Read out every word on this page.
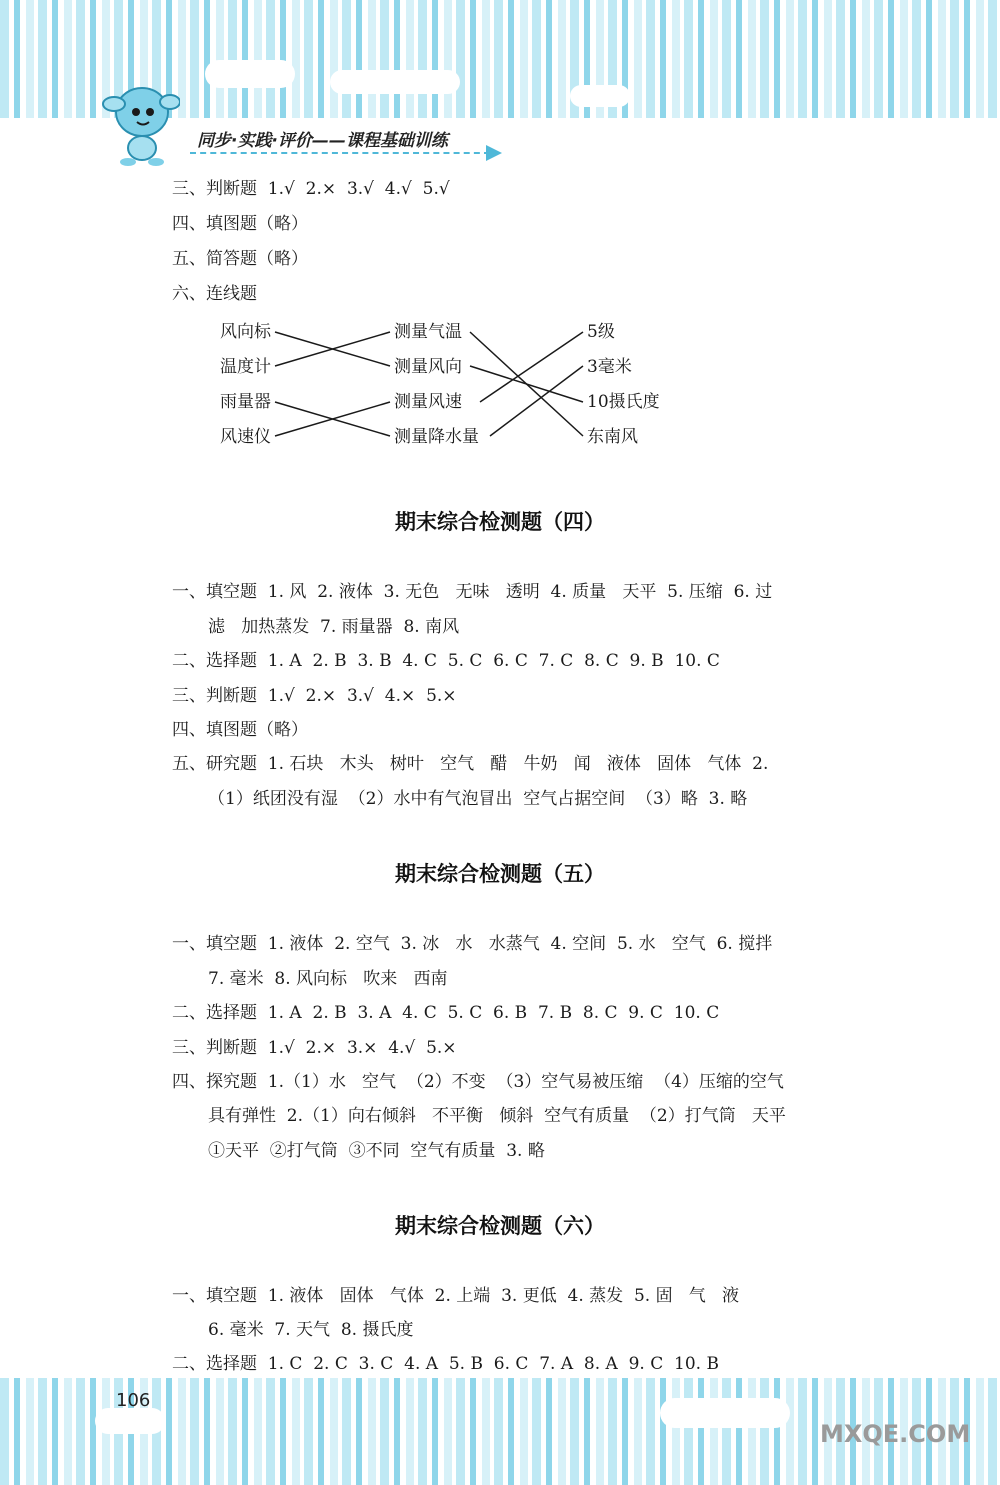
同步·实践·评价——课程基础训练
三、判断题  1.√  2.×  3.√  4.√  5.√
四、填图题（略）
五、简答题（略）
六、连线题
风向标
温度计
雨量器
风速仪
测量气温
测量风向
测量风速
测量降水量
5级
3毫米
10摄氏度
东南风
期末综合检测题（四）
一、填空题  1. 风  2. 液体  3. 无色   无味   透明  4. 质量   天平  5. 压缩  6. 过
滤   加热蒸发  7. 雨量器  8. 南风
二、选择题  1. A  2. B  3. B  4. C  5. C  6. C  7. C  8. C  9. B  10. C
三、判断题  1.√  2.×  3.√  4.×  5.×
四、填图题（略）
五、研究题  1. 石块   木头   树叶   空气   醋   牛奶   闻   液体   固体   气体  2.
（1）纸团没有湿  （2）水中有气泡冒出  空气占据空间  （3）略  3. 略
期末综合检测题（五）
一、填空题  1. 液体  2. 空气  3. 冰   水   水蒸气  4. 空间  5. 水   空气  6. 搅拌
7. 毫米  8. 风向标   吹来   西南
二、选择题  1. A  2. B  3. A  4. C  5. C  6. B  7. B  8. C  9. C  10. C
三、判断题  1.√  2.×  3.×  4.√  5.×
四、探究题  1.（1）水   空气  （2）不变  （3）空气易被压缩  （4）压缩的空气
具有弹性  2.（1）向右倾斜   不平衡   倾斜  空气有质量  （2）打气筒   天平
①天平  ②打气筒  ③不同  空气有质量  3. 略
期末综合检测题（六）
一、填空题  1. 液体   固体   气体  2. 上端  3. 更低  4. 蒸发  5. 固   气   液
6. 毫米  7. 天气  8. 摄氏度
二、选择题  1. C  2. C  3. C  4. A  5. B  6. C  7. A  8. A  9. C  10. B
106
MXQE.COM
